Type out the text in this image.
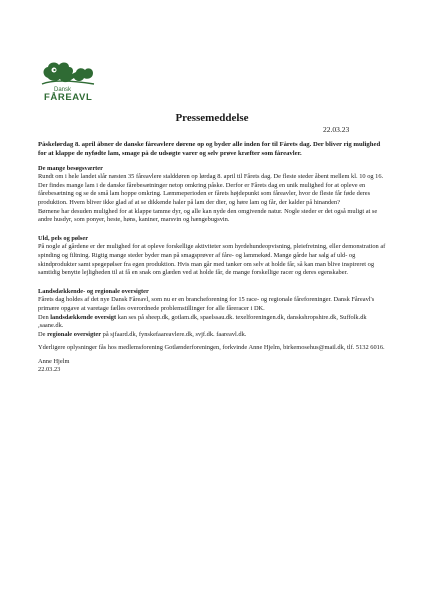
Dansk
FÅREAVL
Pressemeddelse
22.03.23

Påskelørdag 8. april åbner de danske fåreavlere dørene op og byder alle inden for til Fårets dag. Der bliver rig mulighed for at klappe de nyfødte lam, smage på de udsøgte varer og selv prøve kræfter som fåreavler.

De mange besøgsværter

Rundt om i hele landet slår næsten 35 fåreavlere stalddøren op lørdag 8. april til Fårets dag. De fleste steder åbent mellem kl. 10 og 16.

Der findes mange lam i de danske fårebesætninger netop omkring påske. Derfor er Fårets dag en unik mulighed for at opleve en fårebesætning og se de små lam hoppe omkring. Læmmeperioden er fårets højdepunkt som fåreavler, hvor de fleste får føde deres produktion. Hvem bliver ikke glad af at se dikkende haler på lam der dier, og høre lam og får, der kalder på hinanden?

Børnene har desuden mulighed for at klappe tamme dyr, og alle kan nyde den omgivende natur. Nogle steder er det også muligt at se andre husdyr, som ponyer, heste, høns, kaniner, marsvin og hængebugsvin.

Uld, pels og pølser

På nogle af gårdene er der mulighed for at opleve forskellige aktiviteter som hyrdehundeopvisning, pleiefretning, eller demonstration af spinding og filtning. Rigtig mange steder byder man på smagsprøver af fåre- og lammekød. Mange gårde har salg af uld- og skindprodukter samt spegepølser fra egen produktion. Hvis man går med tanker om selv at holde får, så kan man blive inspireret og samtidig benytte lejligheden til at få en snak om glæden ved at holde får, de mange forskellige racer og deres egenskaber.

Landsdækkende- og regionale oversigter

Fårets dag holdes af det nye Dansk Fåreavl, som nu er en brancheforening for 15 race- og regionale fåreforeninger. Dansk Fåreavl's primære opgave at varetage fælles overordnede problemstillinger for alle fåreracer i DK.

Den landsdækkende oversigt kan ses på sheep.dk, gotlam.dk, spaelssau.dk. texelforeningen.dk, danskshropshire.dk, Suffolk.dk ,saane.dk.

De regionale oversigter på sjfaard.dk, fynskefaareavlere.dk, svjf.dk. faareavl.dk.

Yderligere oplysninger fås hos medlemsforening Gotlænderforeningen, forkvinde Anne Hjelm, birkemosehus@mail.dk, tlf. 5132 6016.

Anne Hjelm

22.03.23
